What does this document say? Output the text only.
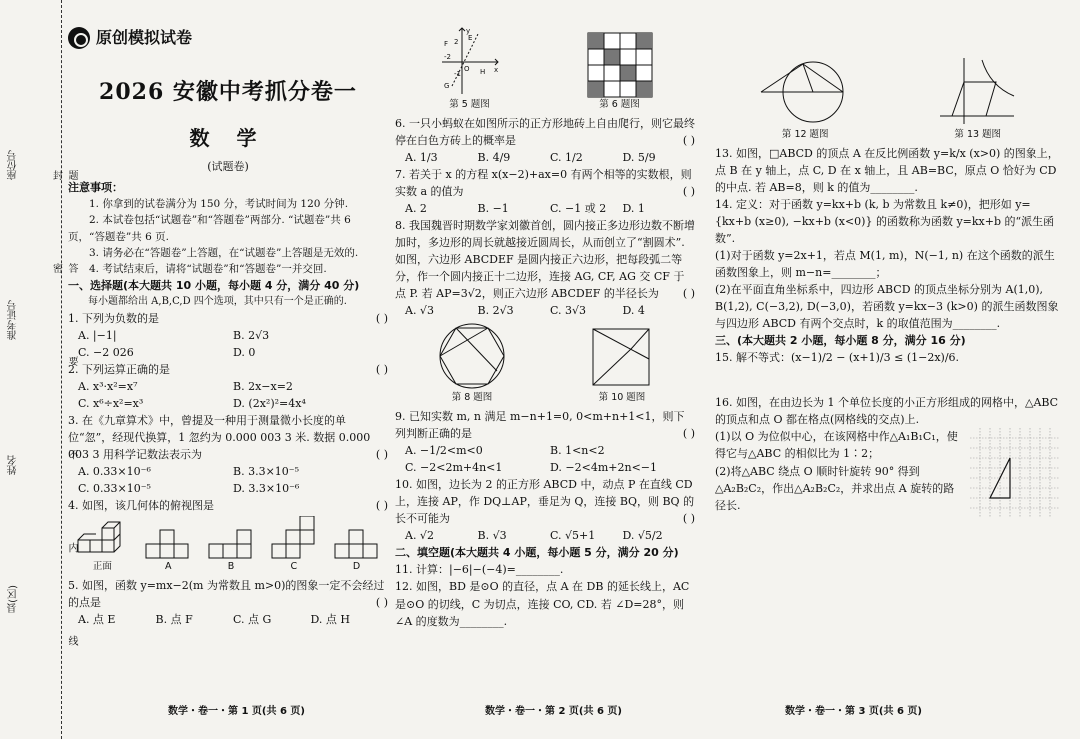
座位号
准考证号
姓名
县(区)	题 答 要 不 内 线 封 密
原创模拟试卷
2026 安徽中考抓分卷一
数 学
(试题卷)
注意事项：
1. 你拿到的试卷满分为 150 分，考试时间为 120 分钟.
2. 本试卷包括“试题卷”和“答题卷”两部分. “试题卷”共 6 页，“答题卷”共 6 页.
3. 请务必在“答题卷”上答题，在“试题卷”上答题是无效的.
4. 考试结束后，请将“试题卷”和“答题卷”一并交回.
一、选择题(本大题共 10 小题，每小题 4 分，满分 40 分)
每小题都给出 A,B,C,D 四个选项，其中只有一个是正确的.
1. 下列为负数的是	( )
A. |−1|	B. 2√3
C. −2 026	D. 0
2. 下列运算正确的是	( )
A. x³·x²=x⁷	B. 2x−x=2
C. x⁶÷x²=x³	D. (2x²)²=4x⁴
3. 在《九章算术》中，曾提及一种用于测量微小长度的单位“忽”，经现代换算，1 忽约为 0.000 003 3 米. 数据 0.000 003 3 用科学记数法表示为	( )
A. 0.33×10⁻⁶	B. 3.3×10⁻⁵
C. 0.33×10⁻⁵	D. 3.3×10⁻⁶
4. 如图，该几何体的俯视图是	( )
正面	A	B	C	D
5. 如图，函数 y=mx−2(m 为常数且 m>0)的图象一定不会经过的点是	( )
A. 点 E	B. 点 F	C. 点 G	D. 点 H
数学・卷一・第 1 页(共 6 页)
F
E
G
H
O	x
y
2
-2
-1
第 5 题图	第 6 题图
6. 一只小蚂蚁在如图所示的正方形地砖上自由爬行，则它最终停在白色方砖上的概率是	( )
A. 1/3	B. 4/9	C. 1/2	D. 5/9
7. 若关于 x 的方程 x(x−2)+ax=0 有两个相等的实数根，则实数 a 的值为	( )
A. 2	B. −1	C. −1 或 2	D. 1
8. 我国魏晋时期数学家刘徽首创，圆内接正多边形边数不断增加时，多边形的周长就越接近圆周长，从而创立了“割圆术”. 如图，六边形 ABCDEF 是圆内接正六边形，把每段弧二等分，作一个圆内接正十二边形，连接 AG, CF, AG 交 CF 于点 P. 若 AP=3√2，则正六边形 ABCDEF 的半径长为 ( )
A. √3	B. 2√3	C. 3√3	D. 4
第 8 题图	第 10 题图
9. 已知实数 m, n 满足 m−n+1=0, 0<m+n+1<1，则下列判断正确的是	( )
A. −1/2<m<0	B. 1<n<2
C. −2<2m+4n<1	D. −2<4m+2n<−1
10. 如图，边长为 2 的正方形 ABCD 中，动点 P 在直线 CD 上，连接 AP，作 DQ⊥AP，垂足为 Q，连接 BQ，则 BQ 的长不可能为	( )
A. √2	B. √3	C. √5+1	D. √5/2
二、填空题(本大题共 4 小题，每小题 5 分，满分 20 分)
11. 计算：|−6|−(−4)=________.
12. 如图，BD 是⊙O 的直径，点 A 在 DB 的延长线上，AC 是⊙O 的切线，C 为切点，连接 CO, CD. 若 ∠D=28°，则 ∠A 的度数为________.
数学・卷一・第 2 页(共 6 页)
第 12 题图	第 13 题图
13. 如图，□ABCD 的顶点 A 在反比例函数 y=k/x (x>0) 的图象上，点 B 在 y 轴上，点 C, D 在 x 轴上，且 AB=BC，原点 O 恰好为 CD 的中点. 若 AB=8，则 k 的值为________.
14. 定义：对于函数 y=kx+b (k, b 为常数且 k≠0)，把形如 y={kx+b (x≥0), −kx+b (x<0)} 的函数称为函数 y=kx+b 的“派生函数”.
(1)对于函数 y=2x+1，若点 M(1, m)，N(−1, n) 在这个函数的派生函数图象上，则 m−n=________；
(2)在平面直角坐标系中，四边形 ABCD 的顶点坐标分别为 A(1,0), B(1,2), C(−3,2), D(−3,0)，若函数 y=kx−3 (k>0) 的派生函数图象与四边形 ABCD 有两个交点时，k 的取值范围为________.
三、(本大题共 2 小题，每小题 8 分，满分 16 分)
15. 解不等式：(x−1)/2 − (x+1)/3 ≤ (1−2x)/6.
16. 如图，在由边长为 1 个单位长度的小正方形组成的网格中，△ABC 的顶点和点 O 都在格点(网格线的交点)上.
(1)以 O 为位似中心，在该网格中作△A₁B₁C₁，使得它与△ABC 的相似比为 1∶2；
(2)将△ABC 绕点 O 顺时针旋转 90° 得到△A₂B₂C₂，作出△A₂B₂C₂，并求出点 A 旋转的路径长.
数学・卷一・第 3 页(共 6 页)
